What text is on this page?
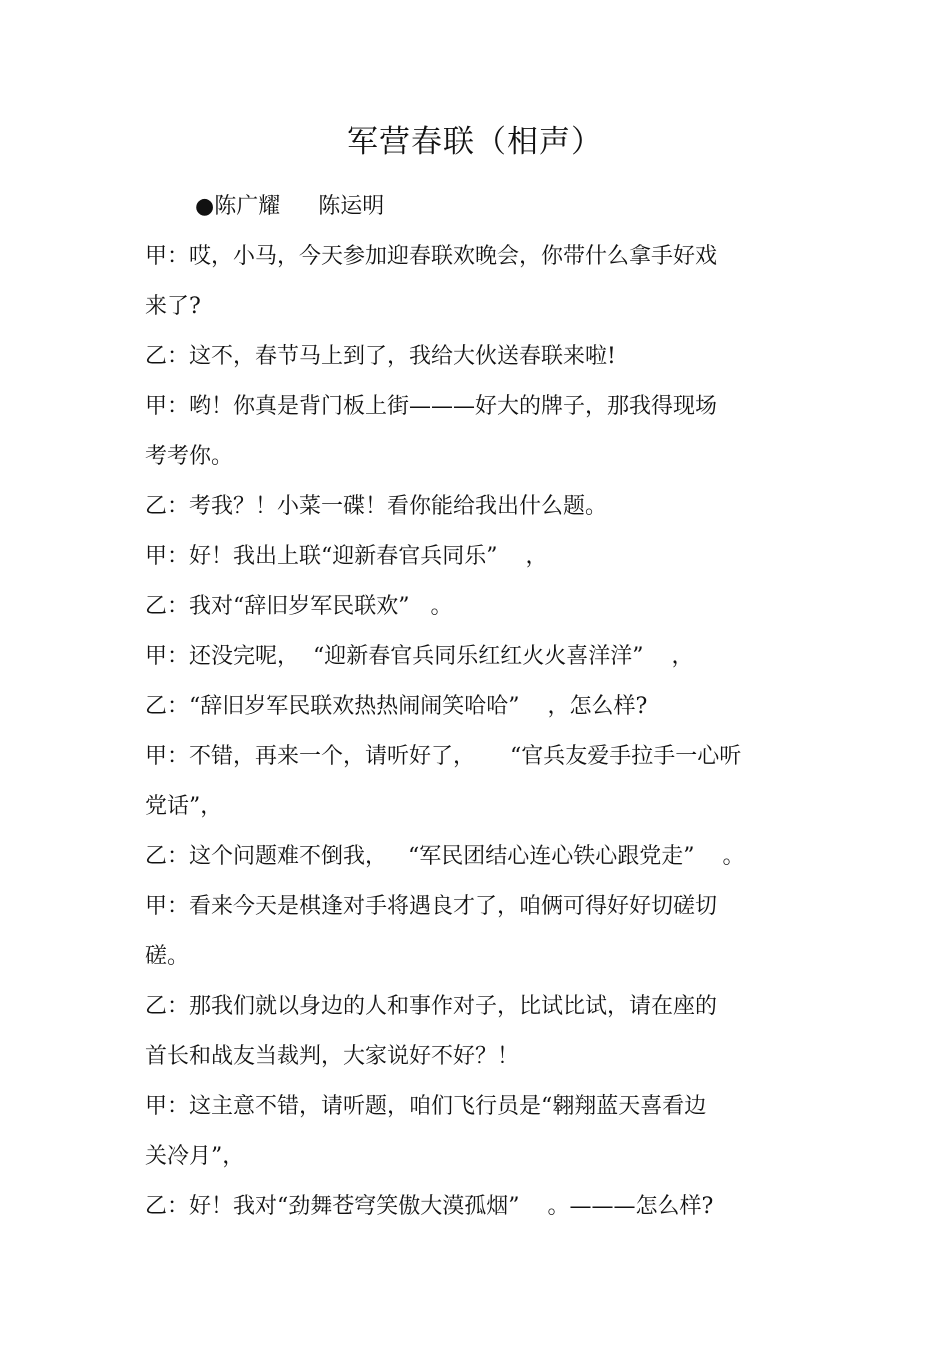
军营春联（相声）
●陈广耀 陈运明
甲：哎，小马，今天参加迎春联欢晚会，你带什么拿手好戏
来了?
乙：这不，春节马上到了，我给大伙送春联来啦!
甲：哟！你真是背门板上街———好大的牌子，那我得现场
考考你。
乙：考我？！小菜一碟！看你能给我出什么题。
甲：好！我出上联“迎新春官兵同乐”    ，
乙：我对“辞旧岁军民联欢”   。
甲：还没完呢，  “迎新春官兵同乐红红火火喜洋洋”    ，
乙：“辞旧岁军民联欢热热闹闹笑哈哈”    ，怎么样?
甲：不错，再来一个，请听好了，     “官兵友爱手拉手一心听
党话”，
乙：这个问题难不倒我，   “军民团结心连心铁心跟党走”    。
甲：看来今天是棋逢对手将遇良才了，咱俩可得好好切磋切
磋。
乙：那我们就以身边的人和事作对子，比试比试，请在座的
首长和战友当裁判，大家说好不好？！
甲：这主意不错，请听题，咱们飞行员是“翱翔蓝天喜看边
关冷月”，
乙：好！我对“劲舞苍穹笑傲大漠孤烟”    。———怎么样?
